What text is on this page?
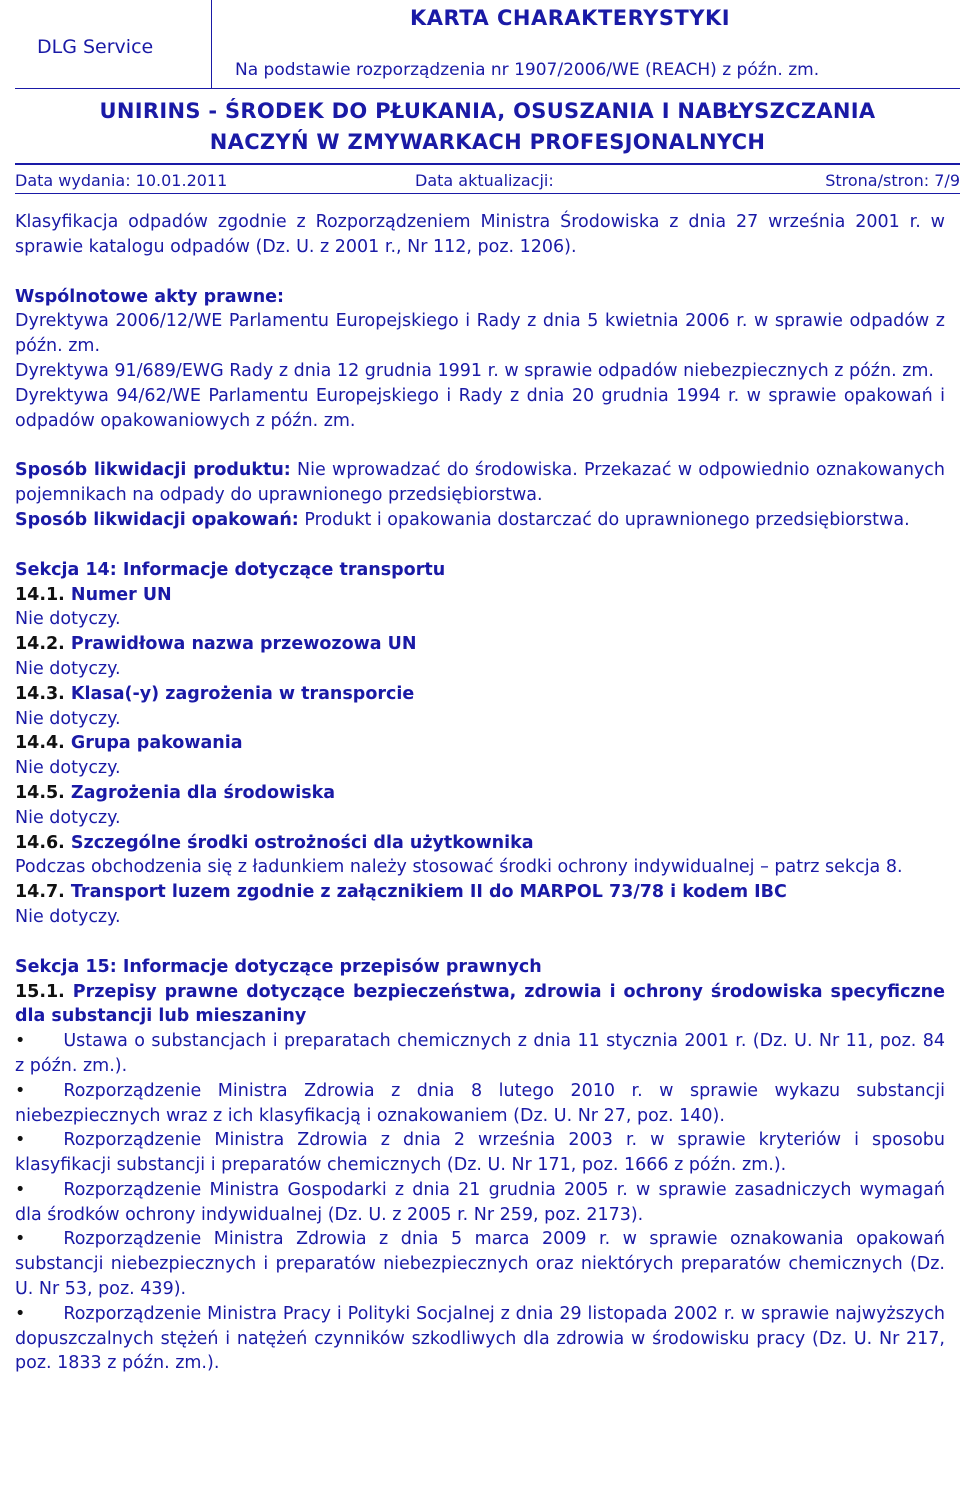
DLG Service
KARTA CHARAKTERYSTYKI
Na podstawie rozporządzenia nr 1907/2006/WE (REACH) z późn. zm.
UNIRINS - ŚRODEK DO PŁUKANIA, OSUSZANIA I NABŁYSZCZANIA
NACZYŃ W ZMYWARKACH PROFESJONALNYCH
Data wydania: 10.01.2011	Data aktualizacji:	Strona/stron: 7/9

Klasyfikacja odpadów zgodnie z Rozporządzeniem Ministra Środowiska z dnia 27 września 2001 r. w sprawie katalogu odpadów (Dz. U. z 2001 r., Nr 112, poz. 1206).

Wspólnotowe akty prawne:

Dyrektywa 2006/12/WE Parlamentu Europejskiego i Rady z dnia 5 kwietnia 2006 r. w sprawie odpadów z późn. zm.

Dyrektywa 91/689/EWG Rady z dnia 12 grudnia 1991 r. w sprawie odpadów niebezpiecznych z późn. zm.

Dyrektywa 94/62/WE Parlamentu Europejskiego i Rady z dnia 20 grudnia 1994 r. w sprawie opakowań i odpadów opakowaniowych z późn. zm.

Sposób likwidacji produktu: Nie wprowadzać do środowiska. Przekazać w odpowiednio oznakowanych pojemnikach na odpady do uprawnionego przedsiębiorstwa.

Sposób likwidacji opakowań: Produkt i opakowania dostarczać do uprawnionego przedsiębiorstwa.

Sekcja 14: Informacje dotyczące transportu

14.1. Numer UN

Nie dotyczy.

14.2. Prawidłowa nazwa przewozowa UN

Nie dotyczy.

14.3. Klasa(-y) zagrożenia w transporcie

Nie dotyczy.

14.4. Grupa pakowania

Nie dotyczy.

14.5. Zagrożenia dla środowiska

Nie dotyczy.

14.6. Szczególne środki ostrożności dla użytkownika

Podczas obchodzenia się z ładunkiem należy stosować środki ochrony indywidualnej – patrz sekcja 8.

14.7. Transport luzem zgodnie z załącznikiem II do MARPOL 73/78 i kodem IBC

Nie dotyczy.

Sekcja 15: Informacje dotyczące przepisów prawnych

15.1. Przepisy prawne dotyczące bezpieczeństwa, zdrowia i ochrony środowiska specyficzne dla substancji lub mieszaniny

• Ustawa o substancjach i preparatach chemicznych z dnia 11 stycznia 2001 r. (Dz. U. Nr 11, poz. 84 z późn. zm.).

• Rozporządzenie Ministra Zdrowia z dnia 8 lutego 2010 r. w sprawie wykazu substancji niebezpiecznych wraz z ich klasyfikacją i oznakowaniem (Dz. U. Nr 27, poz. 140).

• Rozporządzenie Ministra Zdrowia z dnia 2 września 2003 r. w sprawie kryteriów i sposobu klasyfikacji substancji i preparatów chemicznych (Dz. U. Nr 171, poz. 1666 z późn. zm.).

• Rozporządzenie Ministra Gospodarki z dnia 21 grudnia 2005 r. w sprawie zasadniczych wymagań dla środków ochrony indywidualnej (Dz. U. z 2005 r. Nr 259, poz. 2173).

• Rozporządzenie Ministra Zdrowia z dnia 5 marca 2009 r. w sprawie oznakowania opakowań substancji niebezpiecznych i preparatów niebezpiecznych oraz niektórych preparatów chemicznych (Dz. U. Nr 53, poz. 439).

• Rozporządzenie Ministra Pracy i Polityki Socjalnej z dnia 29 listopada 2002 r. w sprawie najwyższych dopuszczalnych stężeń i natężeń czynników szkodliwych dla zdrowia w środowisku pracy (Dz. U. Nr 217, poz. 1833 z późn. zm.).
